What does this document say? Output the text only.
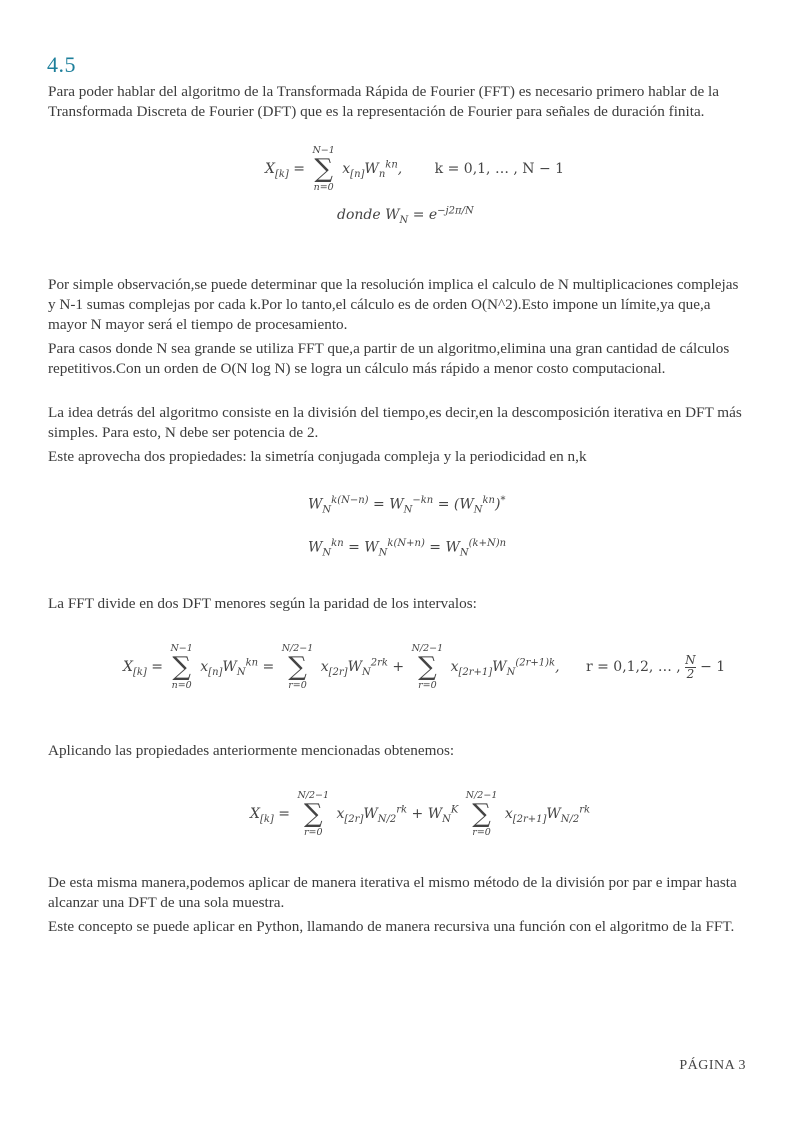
4.5
Para poder hablar del algoritmo de la Transformada Rápida de Fourier (FFT) es necesario primero hablar de la Transformada Discreta de Fourier (DFT) que es la representación de Fourier para señales de duración finita.
$X_{[k]}$ =
N−1
∑
n=0
$x_{[n]}W_n^{kn}$, k = 0,1, … , N − 1
donde $W_N = e^{-j2\pi/N}$
Por simple observación,se puede determinar que la resolución implica el calculo de N multiplicaciones complejas y N-1 sumas complejas por cada k.Por lo tanto,el cálculo es de orden O(N^2).Esto impone un límite,ya que,a mayor N mayor será el tiempo de procesamiento.
Para casos donde N sea grande se utiliza FFT que,a partir de un algoritmo,elimina una gran cantidad de cálculos repetitivos.Con un orden de O(N log N) se logra un cálculo más rápido a menor costo computacional.
La idea detrás del algoritmo consiste en la división del tiempo,es decir,en la descomposición iterativa en DFT más simples. Para esto, N debe ser potencia de 2.
Este aprovecha dos propiedades: la simetría conjugada compleja y la periodicidad en n,k
$W_N^{k(N-n)} = W_N^{-kn} = (W_N^{kn})^*$
$W_N^{kn} = W_N^{k(N+n)} = W_N^{(k+N)n}$
La FFT divide en dos DFT menores según la paridad de los intervalos:
$X_{[k]}$ =
N−1
∑
n=0
$x_{[n]}W_N^{kn}$ =
N/2−1
∑
r=0
$x_{[2r]}W_N^{2rk}$ +
N/2−1
∑
r=0
$x_{[2r+1]}W_N^{(2r+1)k}$, r = 0,1,2, … , $\frac{N}{2} - 1$
Aplicando las propiedades anteriormente mencionadas obtenemos:
$X_{[k]}$ =
N/2−1
∑
r=0
$x_{[2r]}W_{N/2}^{rk} + W_N^K$
N/2−1
∑
r=0
$x_{[2r+1]}W_{N/2}^{rk}$
De esta misma manera,podemos aplicar de manera iterativa el mismo método de la división por par e impar hasta alcanzar una DFT de una sola muestra.
Este concepto se puede aplicar en Python, llamando de manera recursiva una función con el algoritmo de la FFT.
PÁGINA 3
